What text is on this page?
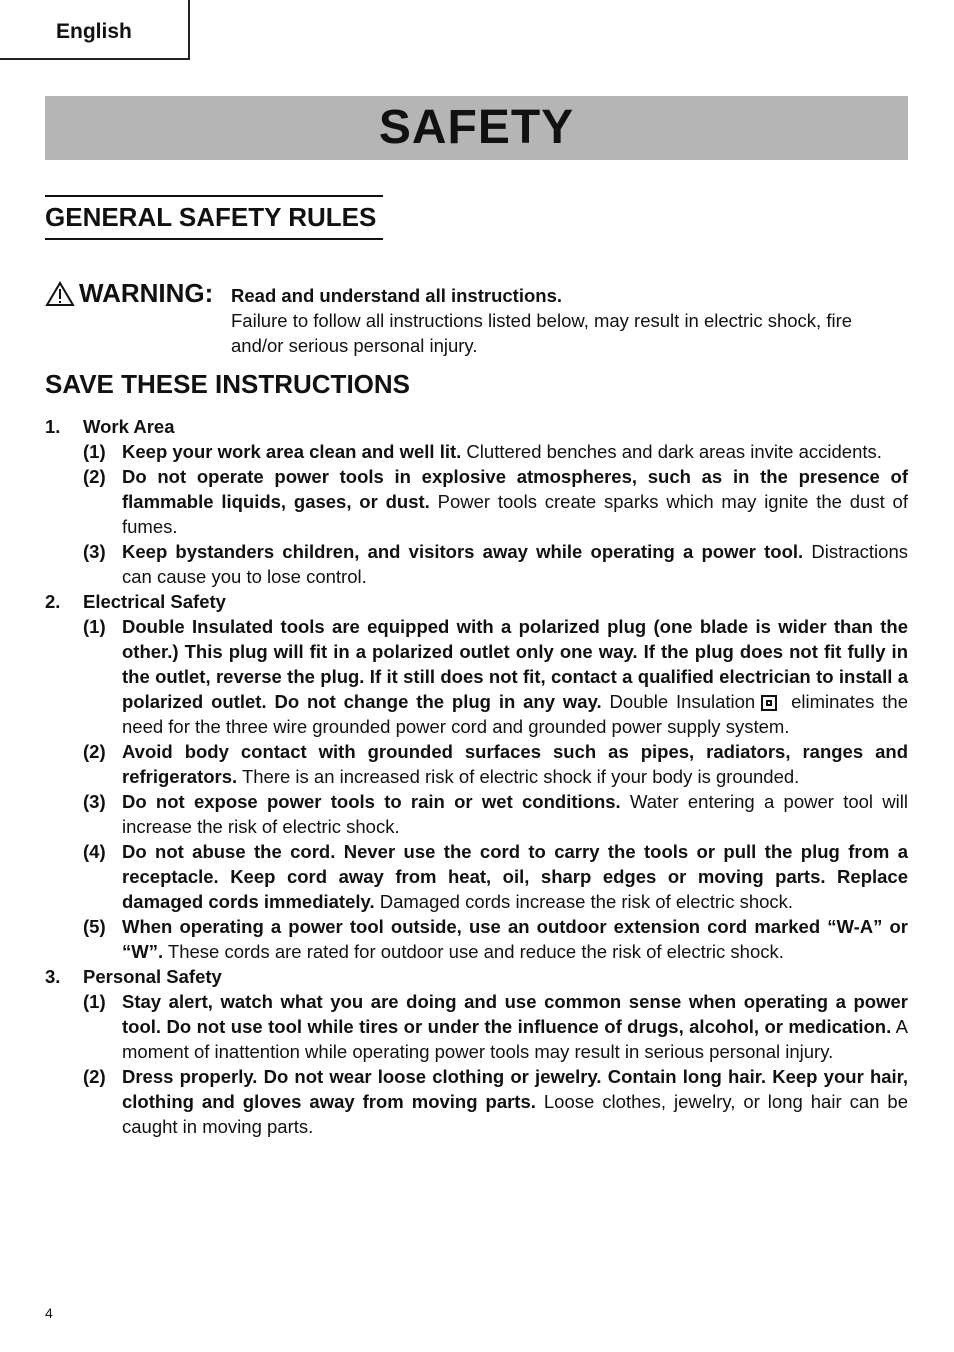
English
SAFETY
GENERAL SAFETY RULES
WARNING: Read and understand all instructions.
Failure to follow all instructions listed below, may result in electric shock, fire and/or serious personal injury.
SAVE THESE INSTRUCTIONS
1. Work Area
(1) Keep your work area clean and well lit. Cluttered benches and dark areas invite accidents.
(2) Do not operate power tools in explosive atmospheres, such as in the presence of flammable liquids, gases, or dust. Power tools create sparks which may ignite the dust of fumes.
(3) Keep bystanders children, and visitors away while operating a power tool. Distractions can cause you to lose control.
2. Electrical Safety
(1) Double Insulated tools are equipped with a polarized plug (one blade is wider than the other.) This plug will fit in a polarized outlet only one way. If the plug does not fit fully in the outlet, reverse the plug. If it still does not fit, contact a qualified electrician to install a polarized outlet. Do not change the plug in any way. Double Insulation eliminates the need for the three wire grounded power cord and grounded power supply system.
(2) Avoid body contact with grounded surfaces such as pipes, radiators, ranges and refrigerators. There is an increased risk of electric shock if your body is grounded.
(3) Do not expose power tools to rain or wet conditions. Water entering a power tool will increase the risk of electric shock.
(4) Do not abuse the cord. Never use the cord to carry the tools or pull the plug from a receptacle. Keep cord away from heat, oil, sharp edges or moving parts. Replace damaged cords immediately. Damaged cords increase the risk of electric shock.
(5) When operating a power tool outside, use an outdoor extension cord marked “W-A” or “W”. These cords are rated for outdoor use and reduce the risk of electric shock.
3. Personal Safety
(1) Stay alert, watch what you are doing and use common sense when operating a power tool. Do not use tool while tires or under the influence of drugs, alcohol, or medication. A moment of inattention while operating power tools may result in serious personal injury.
(2) Dress properly. Do not wear loose clothing or jewelry. Contain long hair. Keep your hair, clothing and gloves away from moving parts. Loose clothes, jewelry, or long hair can be caught in moving parts.
4
